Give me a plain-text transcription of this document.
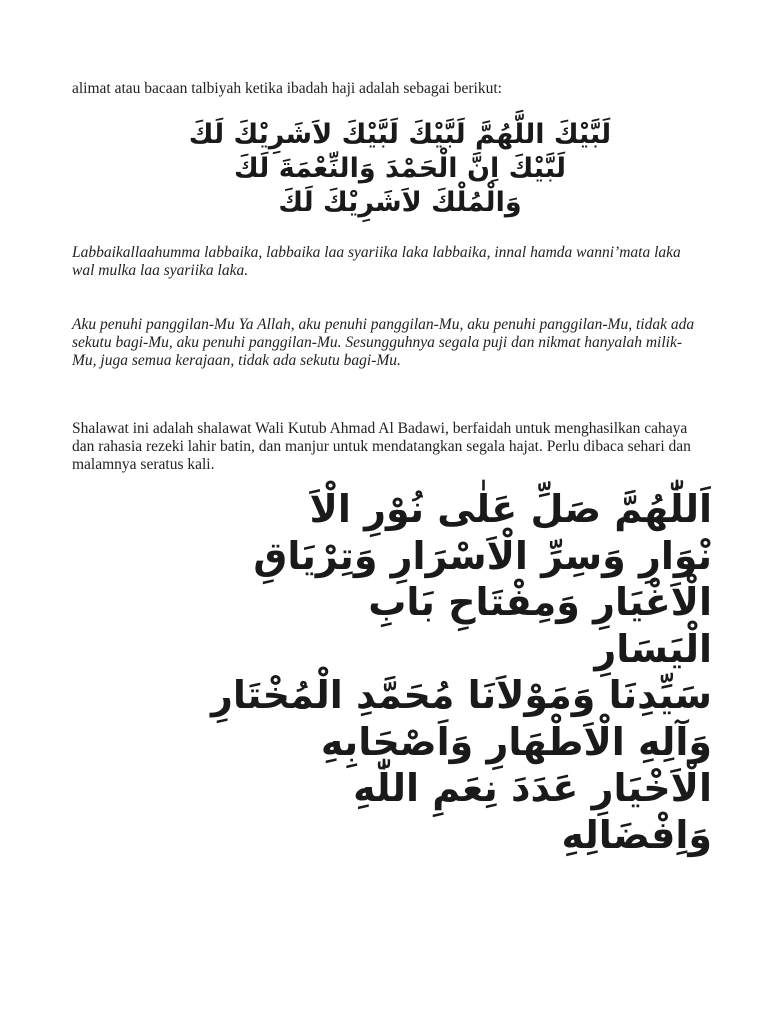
alimat atau bacaan talbiyah ketika ibadah haji adalah sebagai berikut:

لَبَّيْكَ اللَّهُمَّ لَبَّيْكَ لَبَّيْكَ لاَشَرِيْكَ لَكَ
لَبَّيْكَ اِنَّ الْحَمْدَ وَالنِّعْمَةَ لَكَ
وَالْمُلْكَ لاَشَرِيْكَ لَكَ

Labbaikallaahumma labbaika, labbaika laa syariika laka labbaika, innal hamda wanni’mata laka wal mulka laa syariika laka.

Aku penuhi panggilan-Mu Ya Allah, aku penuhi panggilan-Mu, aku penuhi panggilan-Mu, tidak ada sekutu bagi-Mu, aku penuhi panggilan-Mu. Sesungguhnya segala puji dan nikmat hanyalah milik-Mu, juga semua kerajaan, tidak ada sekutu bagi-Mu.

Shalawat ini adalah shalawat Wali Kutub Ahmad Al Badawi, berfaidah untuk menghasilkan cahaya dan rahasia rezeki lahir batin, dan manjur untuk mendatangkan segala hajat. Perlu dibaca sehari dan malamnya seratus kali.

اَللّٰهُمَّ صَلِّ عَلٰى نُوْرِ الْاَ
نْوَارِ وَسِرِّ الْاَسْرَارِ وَتِرْيَاقِ
الْاَغْيَارِ وَمِفْتَاحِ بَابِ
الْيَسَارِ
سَيِّدِنَا وَمَوْلاَنَا مُحَمَّدِ الْمُخْتَارِ
وَآلِهِ الْاَطْهَارِ وَاَصْحَابِهِ
الْاَخْيَارِ عَدَدَ نِعَمِ اللّٰهِ
وَاِفْضَالِهِ
